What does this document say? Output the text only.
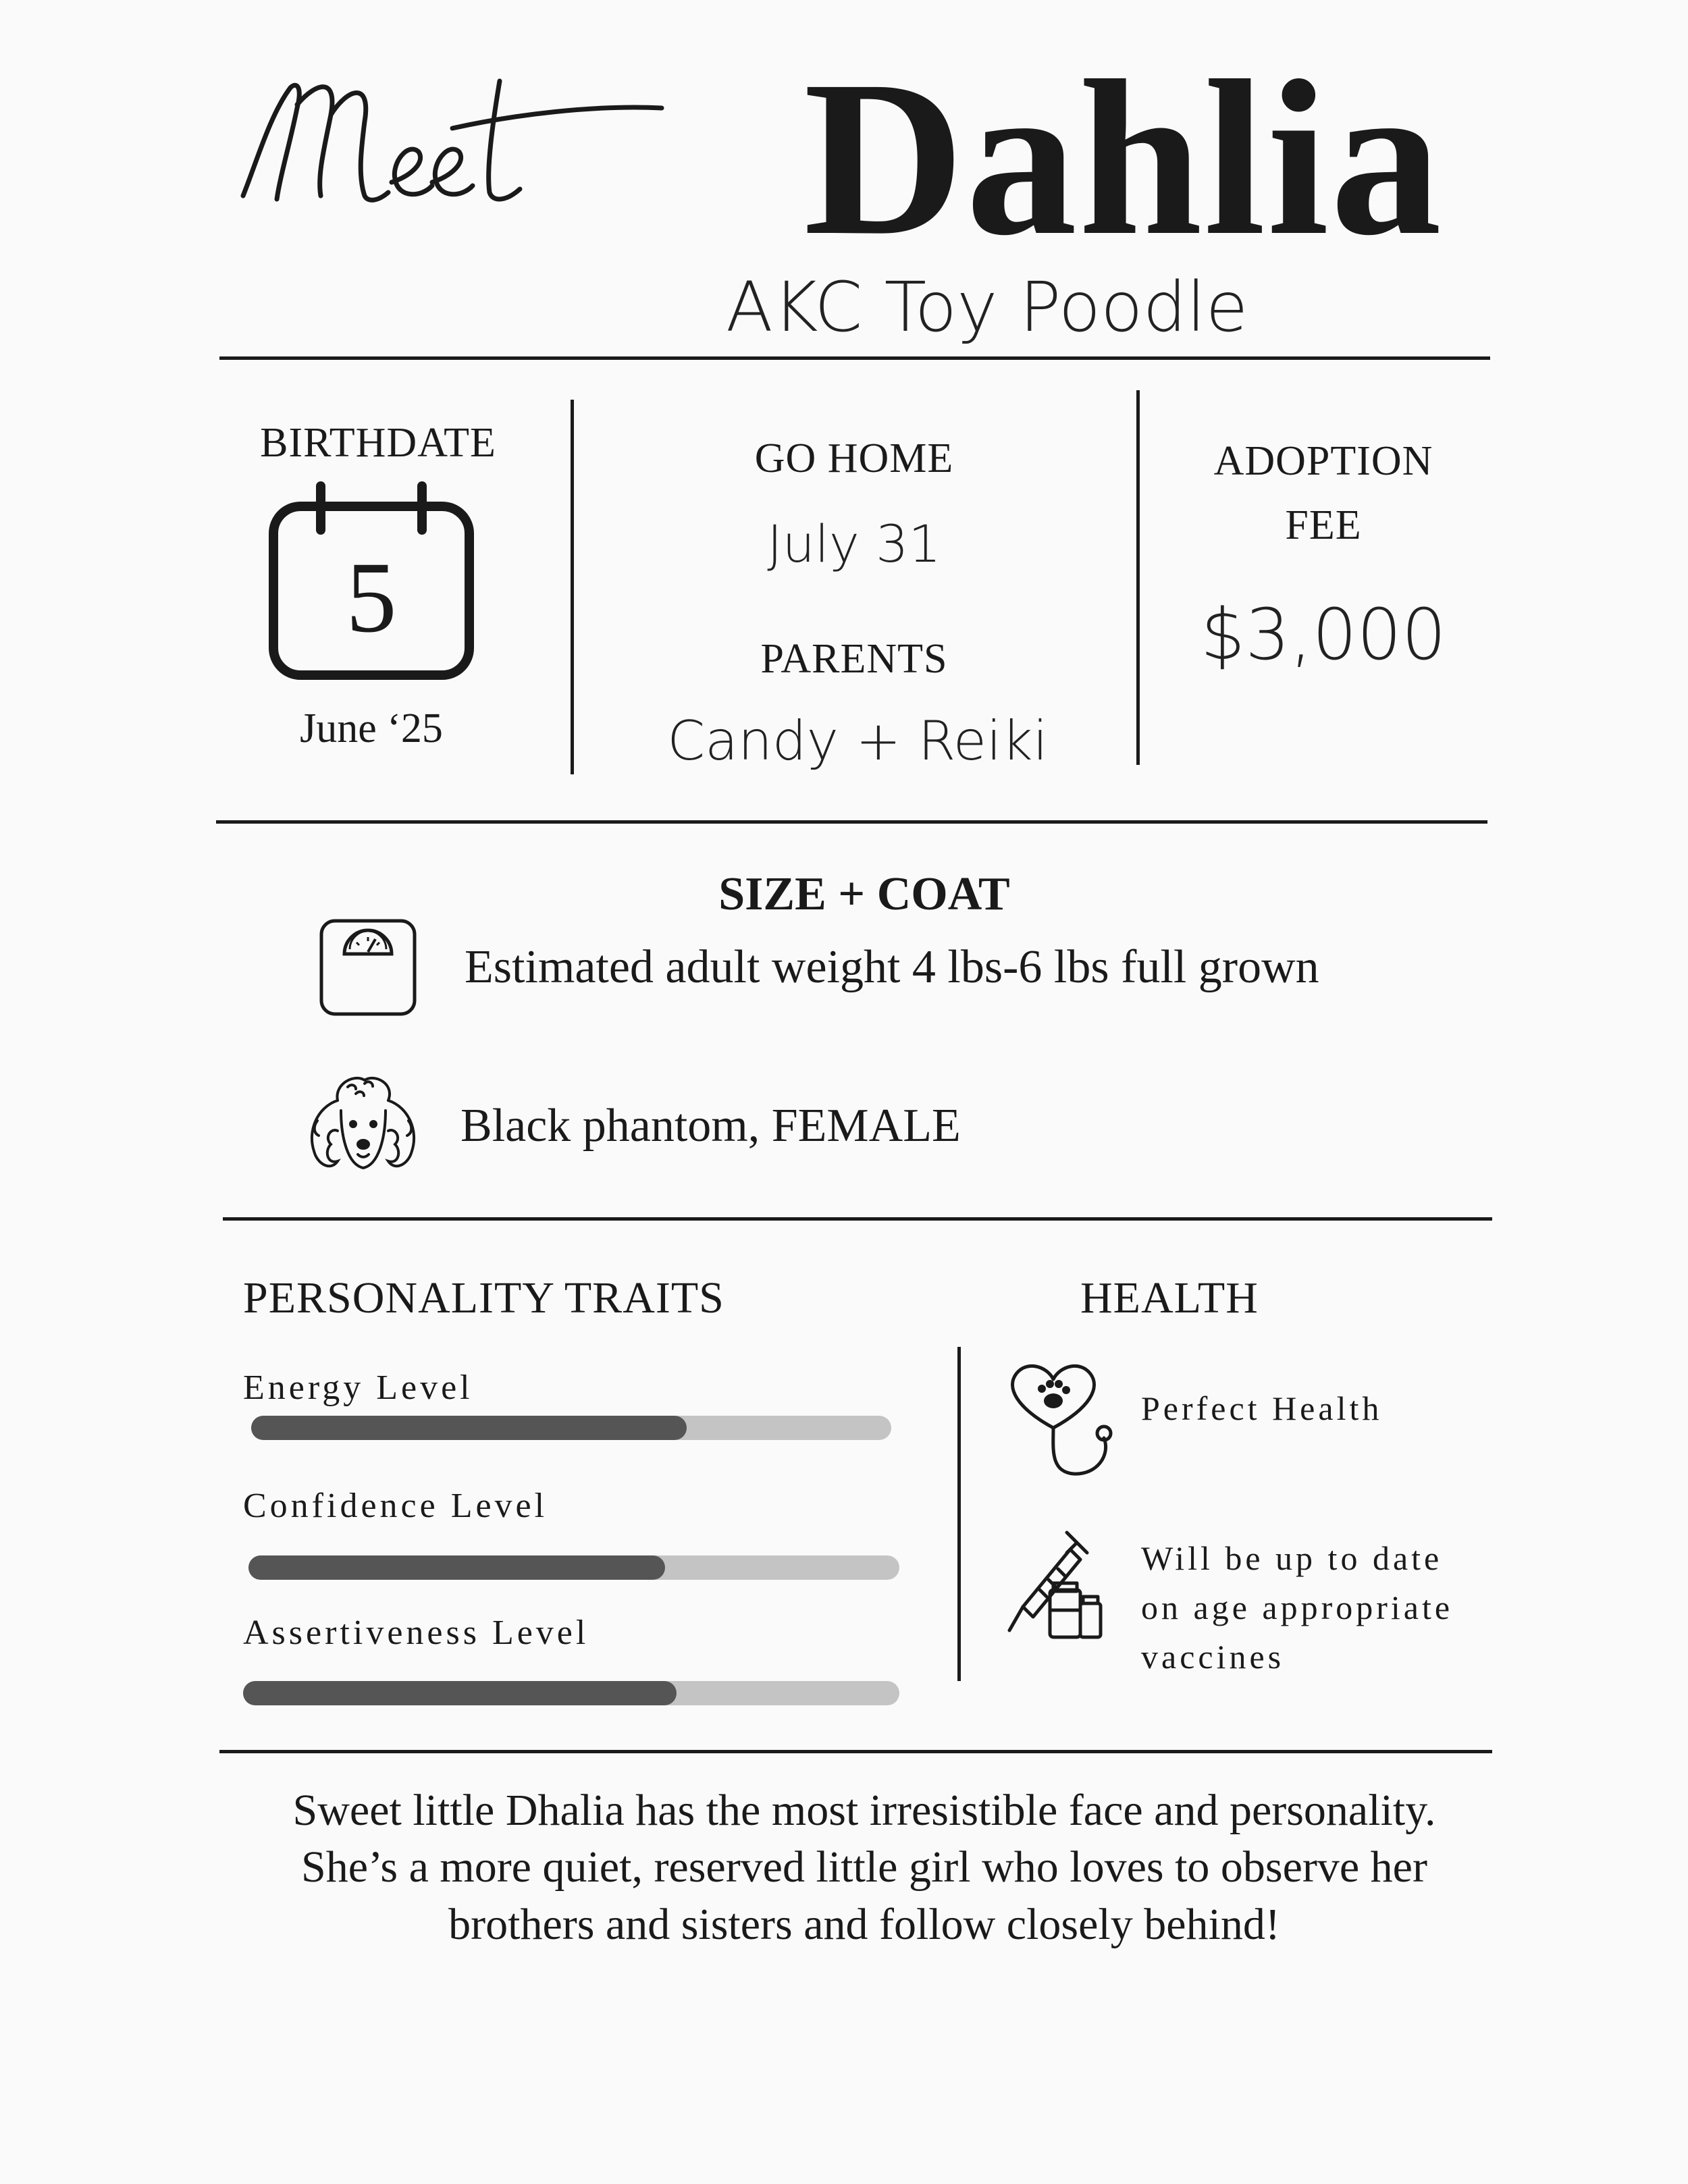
Dahlia
AKC Toy Poodle
BIRTHDATE
5
June ‘25
GO HOME
July 31
PARENTS
Candy + Reiki
ADOPTION
FEE
$3,000
SIZE + COAT
Estimated adult weight 4 lbs-6 lbs full grown
Black phantom, FEMALE
PERSONALITY TRAITS
Energy Level
Confidence Level
Assertiveness Level
HEALTH
Perfect Health
Will be up to date
on age appropriate
vaccines
Sweet little Dhalia has the most irresistible face and personality. She’s a more quiet, reserved little girl who loves to observe her brothers and sisters and follow closely behind!
